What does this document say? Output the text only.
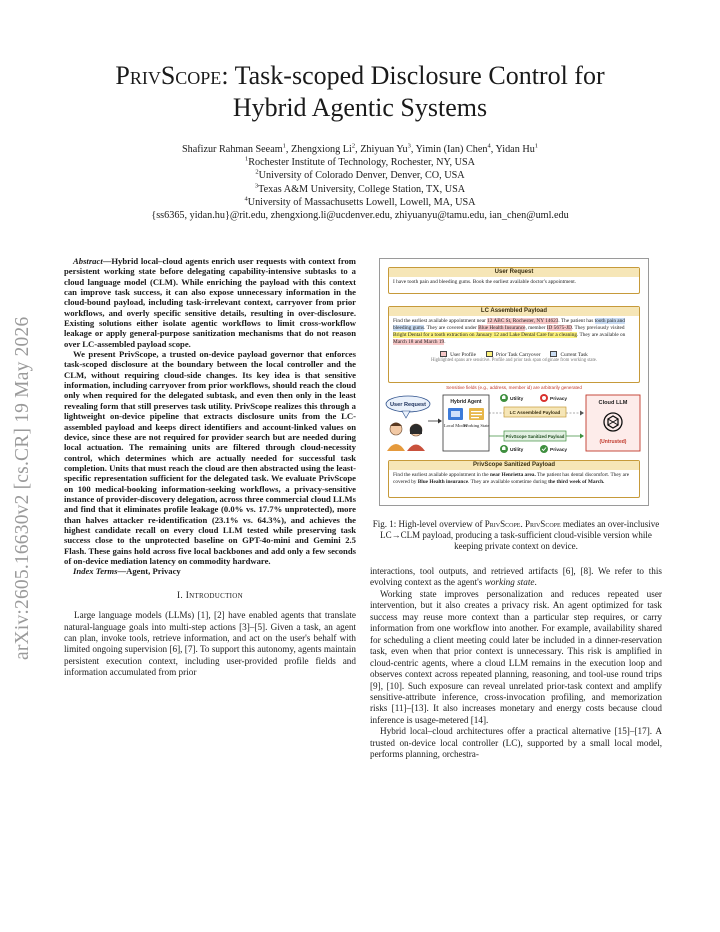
arXiv:2605.16630v2 [cs.CR] 19 May 2026
PrivScope: Task-scoped Disclosure Control for
Hybrid Agentic Systems
Shafizur Rahman Seeam$^1$, Zhengxiong Li$^2$, Zhiyuan Yu$^3$, Yimin (Ian) Chen$^4$, Yidan Hu$^1$
$^1$Rochester Institute of Technology, Rochester, NY, USA
$^2$University of Colorado Denver, Denver, CO, USA
$^3$Texas A&M University, College Station, TX, USA
$^4$University of Massachusetts Lowell, Lowell, MA, USA
{ss6365, yidan.hu}@rit.edu, zhengxiong.li@ucdenver.edu, zhiyuanyu@tamu.edu, ian_chen@uml.edu

Abstract—Hybrid local–cloud agents enrich user requests with context from persistent working state before delegating capability-intensive subtasks to a cloud language model (CLM). While enriching the payload with this context can improve task success, it can also expose unnecessary information in the cloud-bound payload, including task-irrelevant context, carryover from prior workflows, and overly specific sensitive details, resulting in over-disclosure. Existing solutions either isolate agentic workflows to limit cross-workflow leakage or apply general-purpose sanitization mechanisms that do not reason over LC-assembled payload scope.

We present PrivScope, a trusted on-device payload governor that enforces task-scoped disclosure at the boundary between the local controller and the CLM, without requiring cloud-side changes. Its key idea is that sensitive information, including carryover from prior workflows, should reach the cloud only when required for the delegated subtask, and even then only in the least revealing form that still preserves task utility. PrivScope realizes this through a lightweight on-device pipeline that extracts disclosure units from the LC-assembled payload and keeps direct identifiers and account-linked values on device, since these are not required for provider search but are needed during local actuation. The remaining units are filtered through cloud-necessity control, which determines which are actually needed for successful task completion. Units that must reach the cloud are then abstracted using the least-specific representation sufficient for the delegated task. We evaluate PrivScope on 100 medical-booking information-seeking workflows, a privacy-sensitive instance of provider-discovery delegation, across three commercial cloud LLMs and find that it eliminates profile leakage (0.0% vs. 17.7% unprotected), more than halves attacker re-identification (23.1% vs. 64.3%), and achieves the highest candidate recall on every cloud LLM tested while preserving task success close to the unprotected baseline on GPT-4o-mini and Gemini 2.5 Flash. These gains hold across five local backbones and add only a few seconds of on-device mediation latency on commodity hardware.

Index Terms—Agent, Privacy

I. Introduction

Large language models (LLMs) [1], [2] have enabled agents that translate natural-language goals into multi-step actions [3]–[5]. Given a task, an agent can plan, invoke tools, retrieve information, and act on the user's behalf with limited ongoing supervision [6], [7]. To support this autonomy, agents maintain persistent execution context, including user-provided profile fields and information accumulated from prior

User Request
I have tooth pain and bleeding gums. Book the earliest available doctor's appointment.
LC Assembled Payload
Find the earliest available appointment near 12 ABC St, Rochester, NY 14623. The patient has tooth pain and bleeding gums. They are covered under Blue Health Insurance, member ID 5675-JD. They previously visited Bright Dental for a tooth extraction on January 12 and Lake Dental Care for a cleaning. They are available on March 18 and March 19.
User Profile	Prior Task Carryover	Current Task
Highlighted spans are sensitive. Profile and prior task span originate from working state.
Sensitive fields (e.g., address, member id) are arbitrarily generated
User Request	Hybrid Agent
Local Model
Working State
LC Assembled Payload
Utility	Privacy
PrivScope Sanitized Payload
Utility	Privacy
Cloud LLM
(Untrusted)
PrivScope Sanitized Payload
Find the earliest available appointment in the near Henrietta area. The patient has dental discomfort. They are covered by Blue Health insurance. They are available sometime during the third week of March.
Fig. 1: High-level overview of PrivScope. PrivScope mediates an over-inclusive LC→CLM payload, producing a task-sufficient cloud-visible version while keeping private context on device.

interactions, tool outputs, and retrieved artifacts [6], [8]. We refer to this evolving context as the agent's working state.

Working state improves personalization and reduces repeated user intervention, but it also creates a privacy risk. An agent optimized for task success may reuse more context than a particular step requires, or carry information from one workflow into another. For example, availability shared for scheduling a client meeting could later be included in a dinner-reservation task, even when that prior context is unnecessary. This risk is amplified in cloud-centric agents, where a cloud LLM remains in the execution loop and observes context across repeated planning, reasoning, and tool-use round trips [9], [10]. Such exposure can reveal unrelated prior-task context and amplify sensitive-attribute inference, cross-invocation profiling, and memorization risks [11]–[13]. It also increases monetary and energy costs because cloud inference is usage-metered [14].

Hybrid local–cloud architectures offer a practical alternative [15]–[17]. A trusted on-device local controller (LC), supported by a small local model, performs planning, orchestra-
